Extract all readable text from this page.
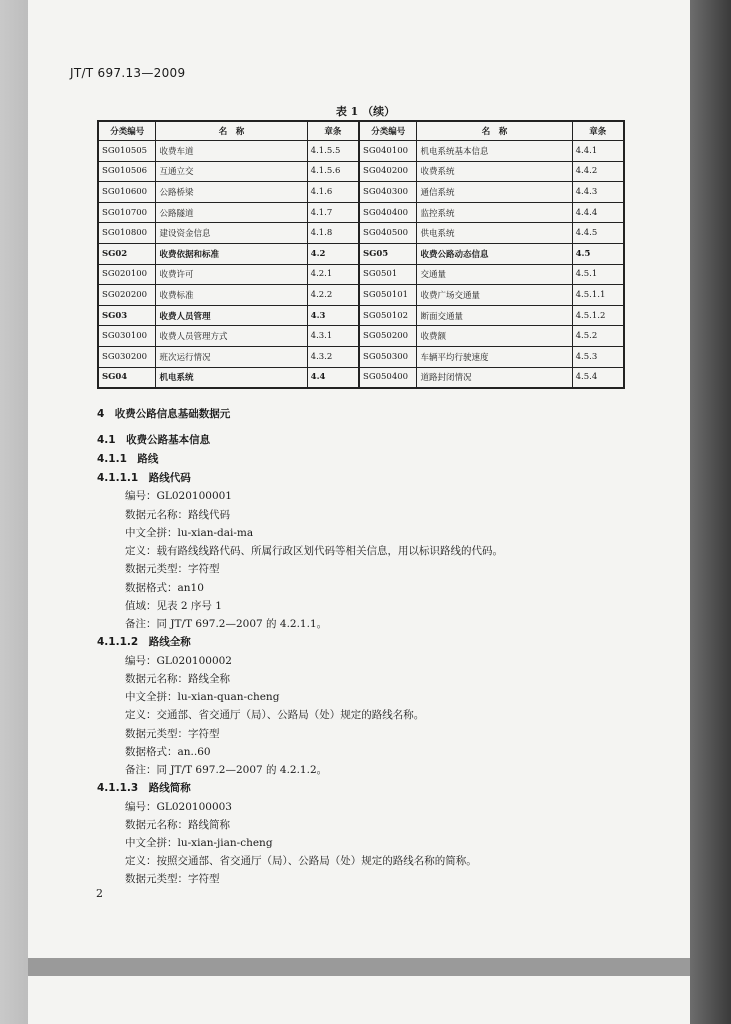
JT/T 697.13—2009
表 1 （续）
分类编号	名　称	章条	分类编号	名　称	章条
SG010505	收费车道	4.1.5.5	SG040100	机电系统基本信息	4.4.1
SG010506	互通立交	4.1.5.6	SG040200	收费系统	4.4.2
SG010600	公路桥梁	4.1.6	SG040300	通信系统	4.4.3
SG010700	公路隧道	4.1.7	SG040400	监控系统	4.4.4
SG010800	建设资金信息	4.1.8	SG040500	供电系统	4.4.5
SG02	收费依据和标准	4.2	SG05	收费公路动态信息	4.5
SG020100	收费许可	4.2.1	SG0501	交通量	4.5.1
SG020200	收费标准	4.2.2	SG050101	收费广场交通量	4.5.1.1
SG03	收费人员管理	4.3	SG050102	断面交通量	4.5.1.2
SG030100	收费人员管理方式	4.3.1	SG050200	收费额	4.5.2
SG030200	班次运行情况	4.3.2	SG050300	车辆平均行驶速度	4.5.3
SG04	机电系统	4.4	SG050400	道路封闭情况	4.5.4
4　收费公路信息基础数据元
4.1　收费公路基本信息
4.1.1　路线
4.1.1.1　路线代码
编号：GL020100001
数据元名称：路线代码
中文全拼：lu-xian-dai-ma
定义：载有路线线路代码、所属行政区划代码等相关信息，用以标识路线的代码。
数据元类型：字符型
数据格式：an10
值域：见表 2 序号 1
备注：同 JT/T 697.2—2007 的 4.2.1.1。
4.1.1.2　路线全称
编号：GL020100002
数据元名称：路线全称
中文全拼：lu-xian-quan-cheng
定义：交通部、省交通厅（局）、公路局（处）规定的路线名称。
数据元类型：字符型
数据格式：an..60
备注：同 JT/T 697.2—2007 的 4.2.1.2。
4.1.1.3　路线简称
编号：GL020100003
数据元名称：路线简称
中文全拼：lu-xian-jian-cheng
定义：按照交通部、省交通厅（局）、公路局（处）规定的路线名称的简称。
数据元类型：字符型
2
